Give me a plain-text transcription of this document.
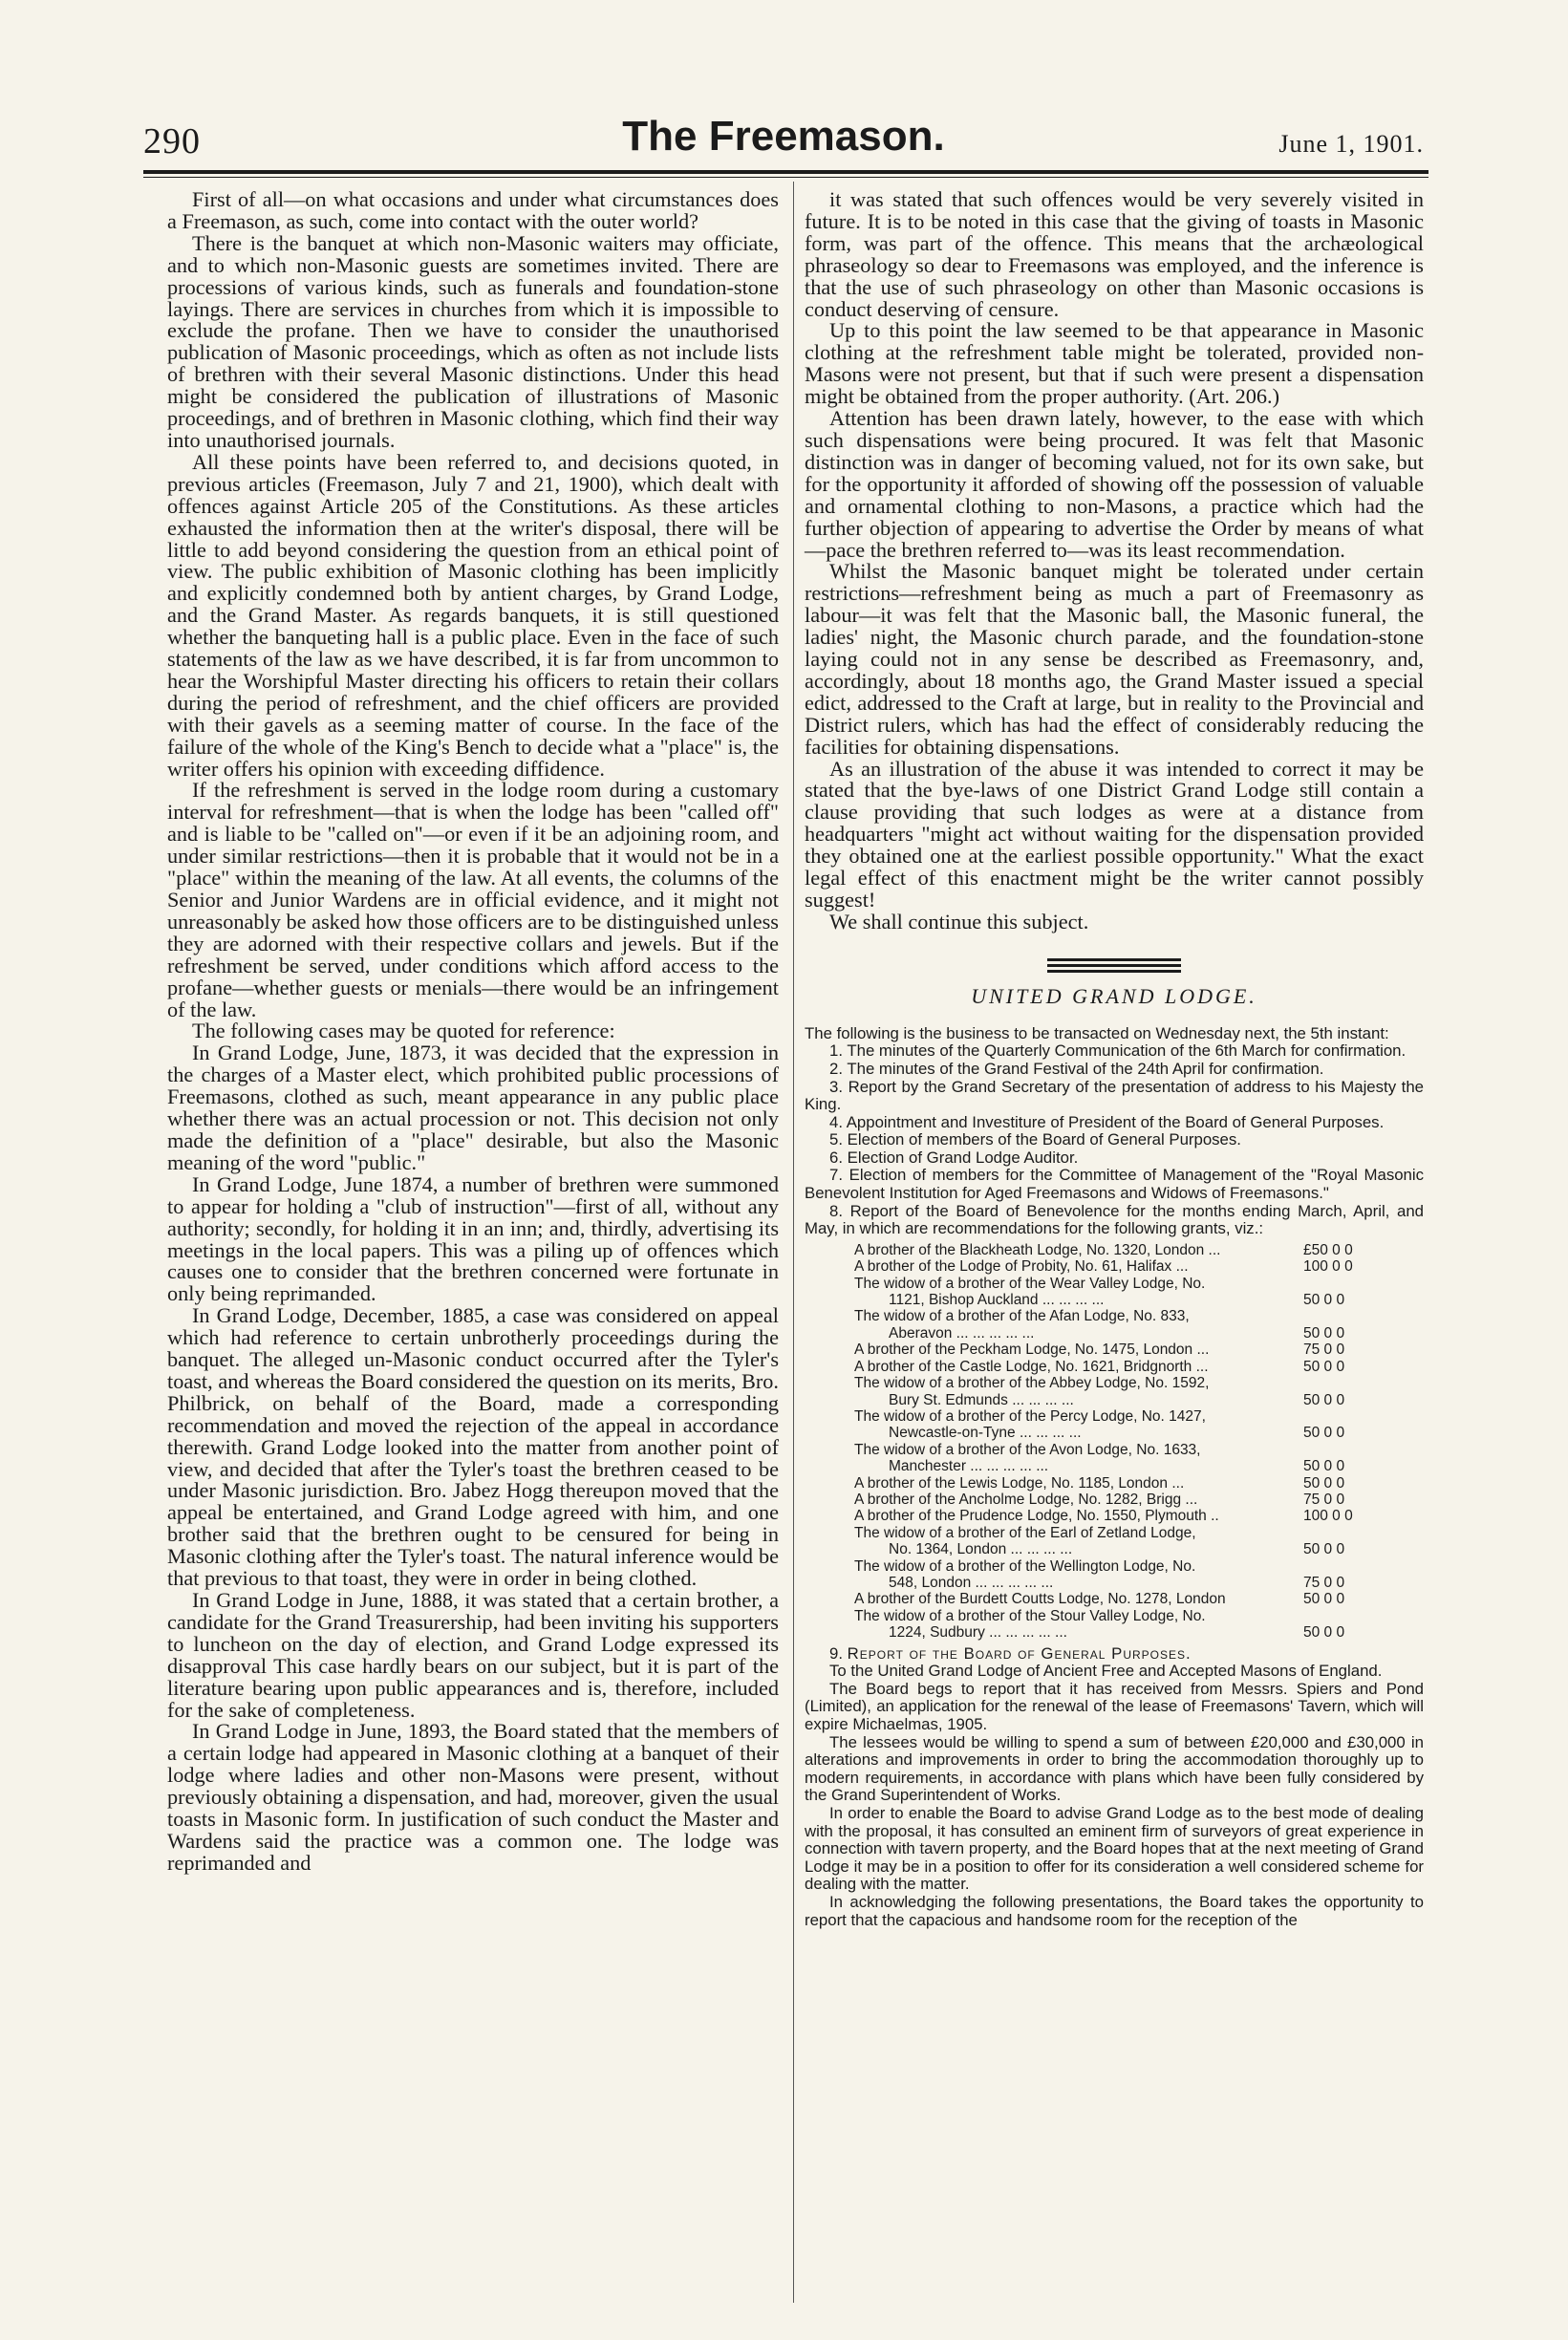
290	The Freemason.	June 1, 1901.

First of all—on what occasions and under what circumstances does a Freemason, as such, come into contact with the outer world?

There is the banquet at which non-Masonic waiters may officiate, and to which non-Masonic guests are sometimes invited. There are processions of various kinds, such as funerals and foundation-stone layings. There are services in churches from which it is impossible to exclude the profane. Then we have to consider the unauthorised publication of Masonic proceedings, which as often as not include lists of brethren with their several Masonic distinctions. Under this head might be considered the publication of illustrations of Masonic proceedings, and of brethren in Masonic clothing, which find their way into unauthorised journals.

All these points have been referred to, and decisions quoted, in previous articles (Freemason, July 7 and 21, 1900), which dealt with offences against Article 205 of the Constitutions. As these articles exhausted the information then at the writer's disposal, there will be little to add beyond considering the question from an ethical point of view. The public exhibition of Masonic clothing has been implicitly and explicitly condemned both by antient charges, by Grand Lodge, and the Grand Master. As regards banquets, it is still questioned whether the banqueting hall is a public place. Even in the face of such statements of the law as we have described, it is far from uncommon to hear the Worshipful Master directing his officers to retain their collars during the period of refreshment, and the chief officers are provided with their gavels as a seeming matter of course. In the face of the failure of the whole of the King's Bench to decide what a "place" is, the writer offers his opinion with exceeding diffidence.

If the refreshment is served in the lodge room during a customary interval for refreshment—that is when the lodge has been "called off" and is liable to be "called on"—or even if it be an adjoining room, and under similar restrictions—then it is probable that it would not be in a "place" within the meaning of the law. At all events, the columns of the Senior and Junior Wardens are in official evidence, and it might not unreasonably be asked how those officers are to be distinguished unless they are adorned with their respective collars and jewels. But if the refreshment be served, under conditions which afford access to the profane—whether guests or menials—there would be an infringement of the law.

The following cases may be quoted for reference:

In Grand Lodge, June, 1873, it was decided that the expression in the charges of a Master elect, which prohibited public processions of Freemasons, clothed as such, meant appearance in any public place whether there was an actual procession or not. This decision not only made the definition of a "place" desirable, but also the Masonic meaning of the word "public."

In Grand Lodge, June 1874, a number of brethren were summoned to appear for holding a "club of instruction"—first of all, without any authority; secondly, for holding it in an inn; and, thirdly, advertising its meetings in the local papers. This was a piling up of offences which causes one to consider that the brethren concerned were fortunate in only being reprimanded.

In Grand Lodge, December, 1885, a case was considered on appeal which had reference to certain unbrotherly proceedings during the banquet. The alleged un-Masonic conduct occurred after the Tyler's toast, and whereas the Board considered the question on its merits, Bro. Philbrick, on behalf of the Board, made a corresponding recommendation and moved the rejection of the appeal in accordance therewith. Grand Lodge looked into the matter from another point of view, and decided that after the Tyler's toast the brethren ceased to be under Masonic jurisdiction. Bro. Jabez Hogg thereupon moved that the appeal be entertained, and Grand Lodge agreed with him, and one brother said that the brethren ought to be censured for being in Masonic clothing after the Tyler's toast. The natural inference would be that previous to that toast, they were in order in being clothed.

In Grand Lodge in June, 1888, it was stated that a certain brother, a candidate for the Grand Treasurership, had been inviting his supporters to luncheon on the day of election, and Grand Lodge expressed its disapproval This case hardly bears on our subject, but it is part of the literature bearing upon public appearances and is, therefore, included for the sake of completeness.

In Grand Lodge in June, 1893, the Board stated that the members of a certain lodge had appeared in Masonic clothing at a banquet of their lodge where ladies and other non-Masons were present, without previously obtaining a dispensation, and had, moreover, given the usual toasts in Masonic form. In justification of such conduct the Master and Wardens said the practice was a common one. The lodge was reprimanded and

it was stated that such offences would be very severely visited in future. It is to be noted in this case that the giving of toasts in Masonic form, was part of the offence. This means that the archæological phraseology so dear to Freemasons was employed, and the inference is that the use of such phraseology on other than Masonic occasions is conduct deserving of censure.

Up to this point the law seemed to be that appearance in Masonic clothing at the refreshment table might be tolerated, provided non-Masons were not present, but that if such were present a dispensation might be obtained from the proper authority. (Art. 206.)

Attention has been drawn lately, however, to the ease with which such dispensations were being procured. It was felt that Masonic distinction was in danger of becoming valued, not for its own sake, but for the opportunity it afforded of showing off the possession of valuable and ornamental clothing to non-Masons, a practice which had the further objection of appearing to advertise the Order by means of what—pace the brethren referred to—was its least recommendation.

Whilst the Masonic banquet might be tolerated under certain restrictions—refreshment being as much a part of Freemasonry as labour—it was felt that the Masonic ball, the Masonic funeral, the ladies' night, the Masonic church parade, and the foundation-stone laying could not in any sense be described as Freemasonry, and, accordingly, about 18 months ago, the Grand Master issued a special edict, addressed to the Craft at large, but in reality to the Provincial and District rulers, which has had the effect of considerably reducing the facilities for obtaining dispensations.

As an illustration of the abuse it was intended to correct it may be stated that the bye-laws of one District Grand Lodge still contain a clause providing that such lodges as were at a distance from headquarters "might act without waiting for the dispensation provided they obtained one at the earliest possible opportunity." What the exact legal effect of this enactment might be the writer cannot possibly suggest!

We shall continue this subject.

UNITED GRAND LODGE.

The following is the business to be transacted on Wednesday next, the 5th instant:

1. The minutes of the Quarterly Communication of the 6th March for confirmation.

2. The minutes of the Grand Festival of the 24th April for confirmation.

3. Report by the Grand Secretary of the presentation of address to his Majesty the King.

4. Appointment and Investiture of President of the Board of General Purposes.

5. Election of members of the Board of General Purposes.

6. Election of Grand Lodge Auditor.

7. Election of members for the Committee of Management of the "Royal Masonic Benevolent Institution for Aged Freemasons and Widows of Freemasons."

8. Report of the Board of Benevolence for the months ending March, April, and May, in which are recommendations for the following grants, viz.:

A brother of the Blackheath Lodge, No. 1320, London ...	£50 0 0
A brother of the Lodge of Probity, No. 61, Halifax ...	100 0 0
The widow of a brother of the Wear Valley Lodge, No.
1121, Bishop Auckland ... ... ... ...	50 0 0
The widow of a brother of the Afan Lodge, No. 833,
Aberavon ... ... ... ... ...	50 0 0
A brother of the Peckham Lodge, No. 1475, London ...	75 0 0
A brother of the Castle Lodge, No. 1621, Bridgnorth ...	50 0 0
The widow of a brother of the Abbey Lodge, No. 1592,
Bury St. Edmunds ... ... ... ...	50 0 0
The widow of a brother of the Percy Lodge, No. 1427,
Newcastle-on-Tyne ... ... ... ...	50 0 0
The widow of a brother of the Avon Lodge, No. 1633,
Manchester ... ... ... ... ...	50 0 0
A brother of the Lewis Lodge, No. 1185, London ...	50 0 0
A brother of the Ancholme Lodge, No. 1282, Brigg ...	75 0 0
A brother of the Prudence Lodge, No. 1550, Plymouth ..	100 0 0
The widow of a brother of the Earl of Zetland Lodge,
No. 1364, London ... ... ... ...	50 0 0
The widow of a brother of the Wellington Lodge, No.
548, London ... ... ... ... ...	75 0 0
A brother of the Burdett Coutts Lodge, No. 1278, London	50 0 0
The widow of a brother of the Stour Valley Lodge, No.
1224, Sudbury ... ... ... ... ...	50 0 0

9. Report of the Board of General Purposes.

To the United Grand Lodge of Ancient Free and Accepted Masons of England.

The Board begs to report that it has received from Messrs. Spiers and Pond (Limited), an application for the renewal of the lease of Freemasons' Tavern, which will expire Michaelmas, 1905.

The lessees would be willing to spend a sum of between £20,000 and £30,000 in alterations and improvements in order to bring the accommodation thoroughly up to modern requirements, in accordance with plans which have been fully considered by the Grand Superintendent of Works.

In order to enable the Board to advise Grand Lodge as to the best mode of dealing with the proposal, it has consulted an eminent firm of surveyors of great experience in connection with tavern property, and the Board hopes that at the next meeting of Grand Lodge it may be in a position to offer for its consideration a well considered scheme for dealing with the matter.

In acknowledging the following presentations, the Board takes the opportunity to report that the capacious and handsome room for the reception of the
